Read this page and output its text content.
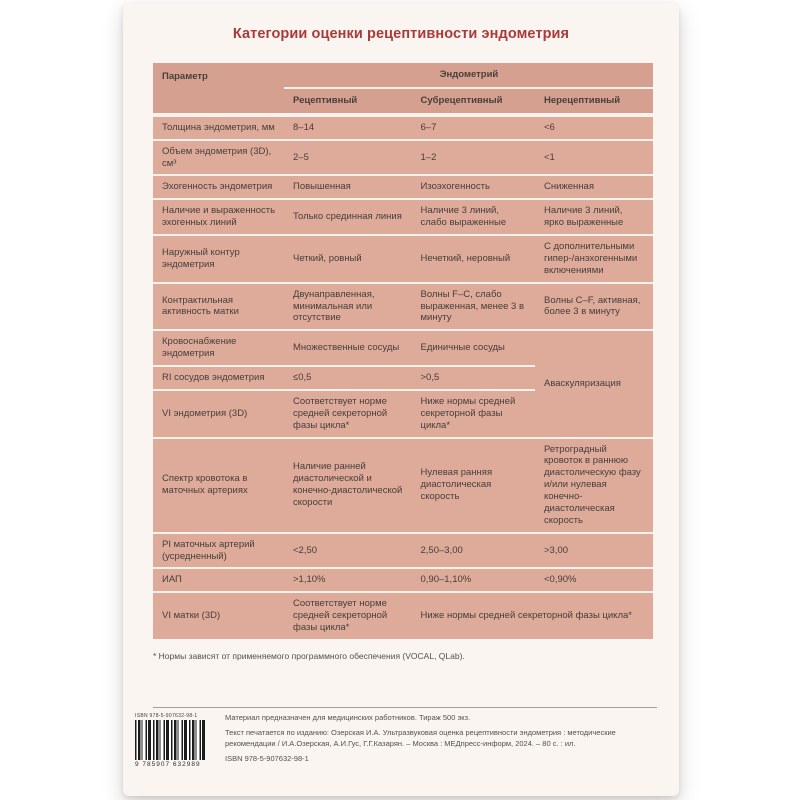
Категории оценки рецептивности эндометрия
Параметр	Эндометрий		
	Рецептивный	Субрецептивный	Нерецептивный
Толщина эндометрия, мм	8–14	6–7	<6
Объем эндометрия (3D), см³	2–5	1–2	<1
Эхогенность эндометрия	Повышенная	Изоэхогенность	Сниженная
Наличие и выраженность эхогенных линий	Только срединная линия	Наличие 3 линий, слабо выраженные	Наличие 3 линий, ярко выраженные
Наружный контур эндометрия	Четкий, ровный	Нечеткий, неровный	С дополнительными гипер-/анэхогенными включениями
Контрактильная активность матки	Двунаправленная, минимальная или отсутствие	Волны F–C, слабо выраженная, менее 3 в минуту	Волны C–F, активная, более 3 в минуту
Кровоснабжение эндометрия	Множественные сосуды	Единичные сосуды	Аваскуляризация
RI сосудов эндометрия	≤0,5	>0,5	
VI эндометрия (3D)	Соответствует норме средней секреторной фазы цикла*	Ниже нормы средней секреторной фазы цикла*	
Спектр кровотока в маточных артериях	Наличие ранней диастолической и конечно-диастолической скорости	Нулевая ранняя диастолическая скорость	Ретроградный кровоток в раннюю диастолическую фазу и/или нулевая конечно-диастолическая скорость
PI маточных артерий (усредненный)	<2,50	2,50–3,00	>3,00
ИАП	>1,10%	0,90–1,10%	<0,90%
VI матки (3D)	Соответствует норме средней секреторной фазы цикла*	Ниже нормы средней секреторной фазы цикла*	
* Нормы зависят от применяемого программного обеспечения (VOCAL, QLab).
ISBN 978-5-907632-98-1
9 785907 632989

Материал предназначен для медицинских работников. Тираж 500 экз.

Текст печатается по изданию: Озерская И.А. Ультразвуковая оценка рецептивности эндометрия : методические рекомендации / И.А.Озерская, А.И.Гус, Г.Г.Казарян. – Москва : МЕДпресс-информ, 2024. – 80 с. : ил.

ISBN 978-5-907632-98-1
